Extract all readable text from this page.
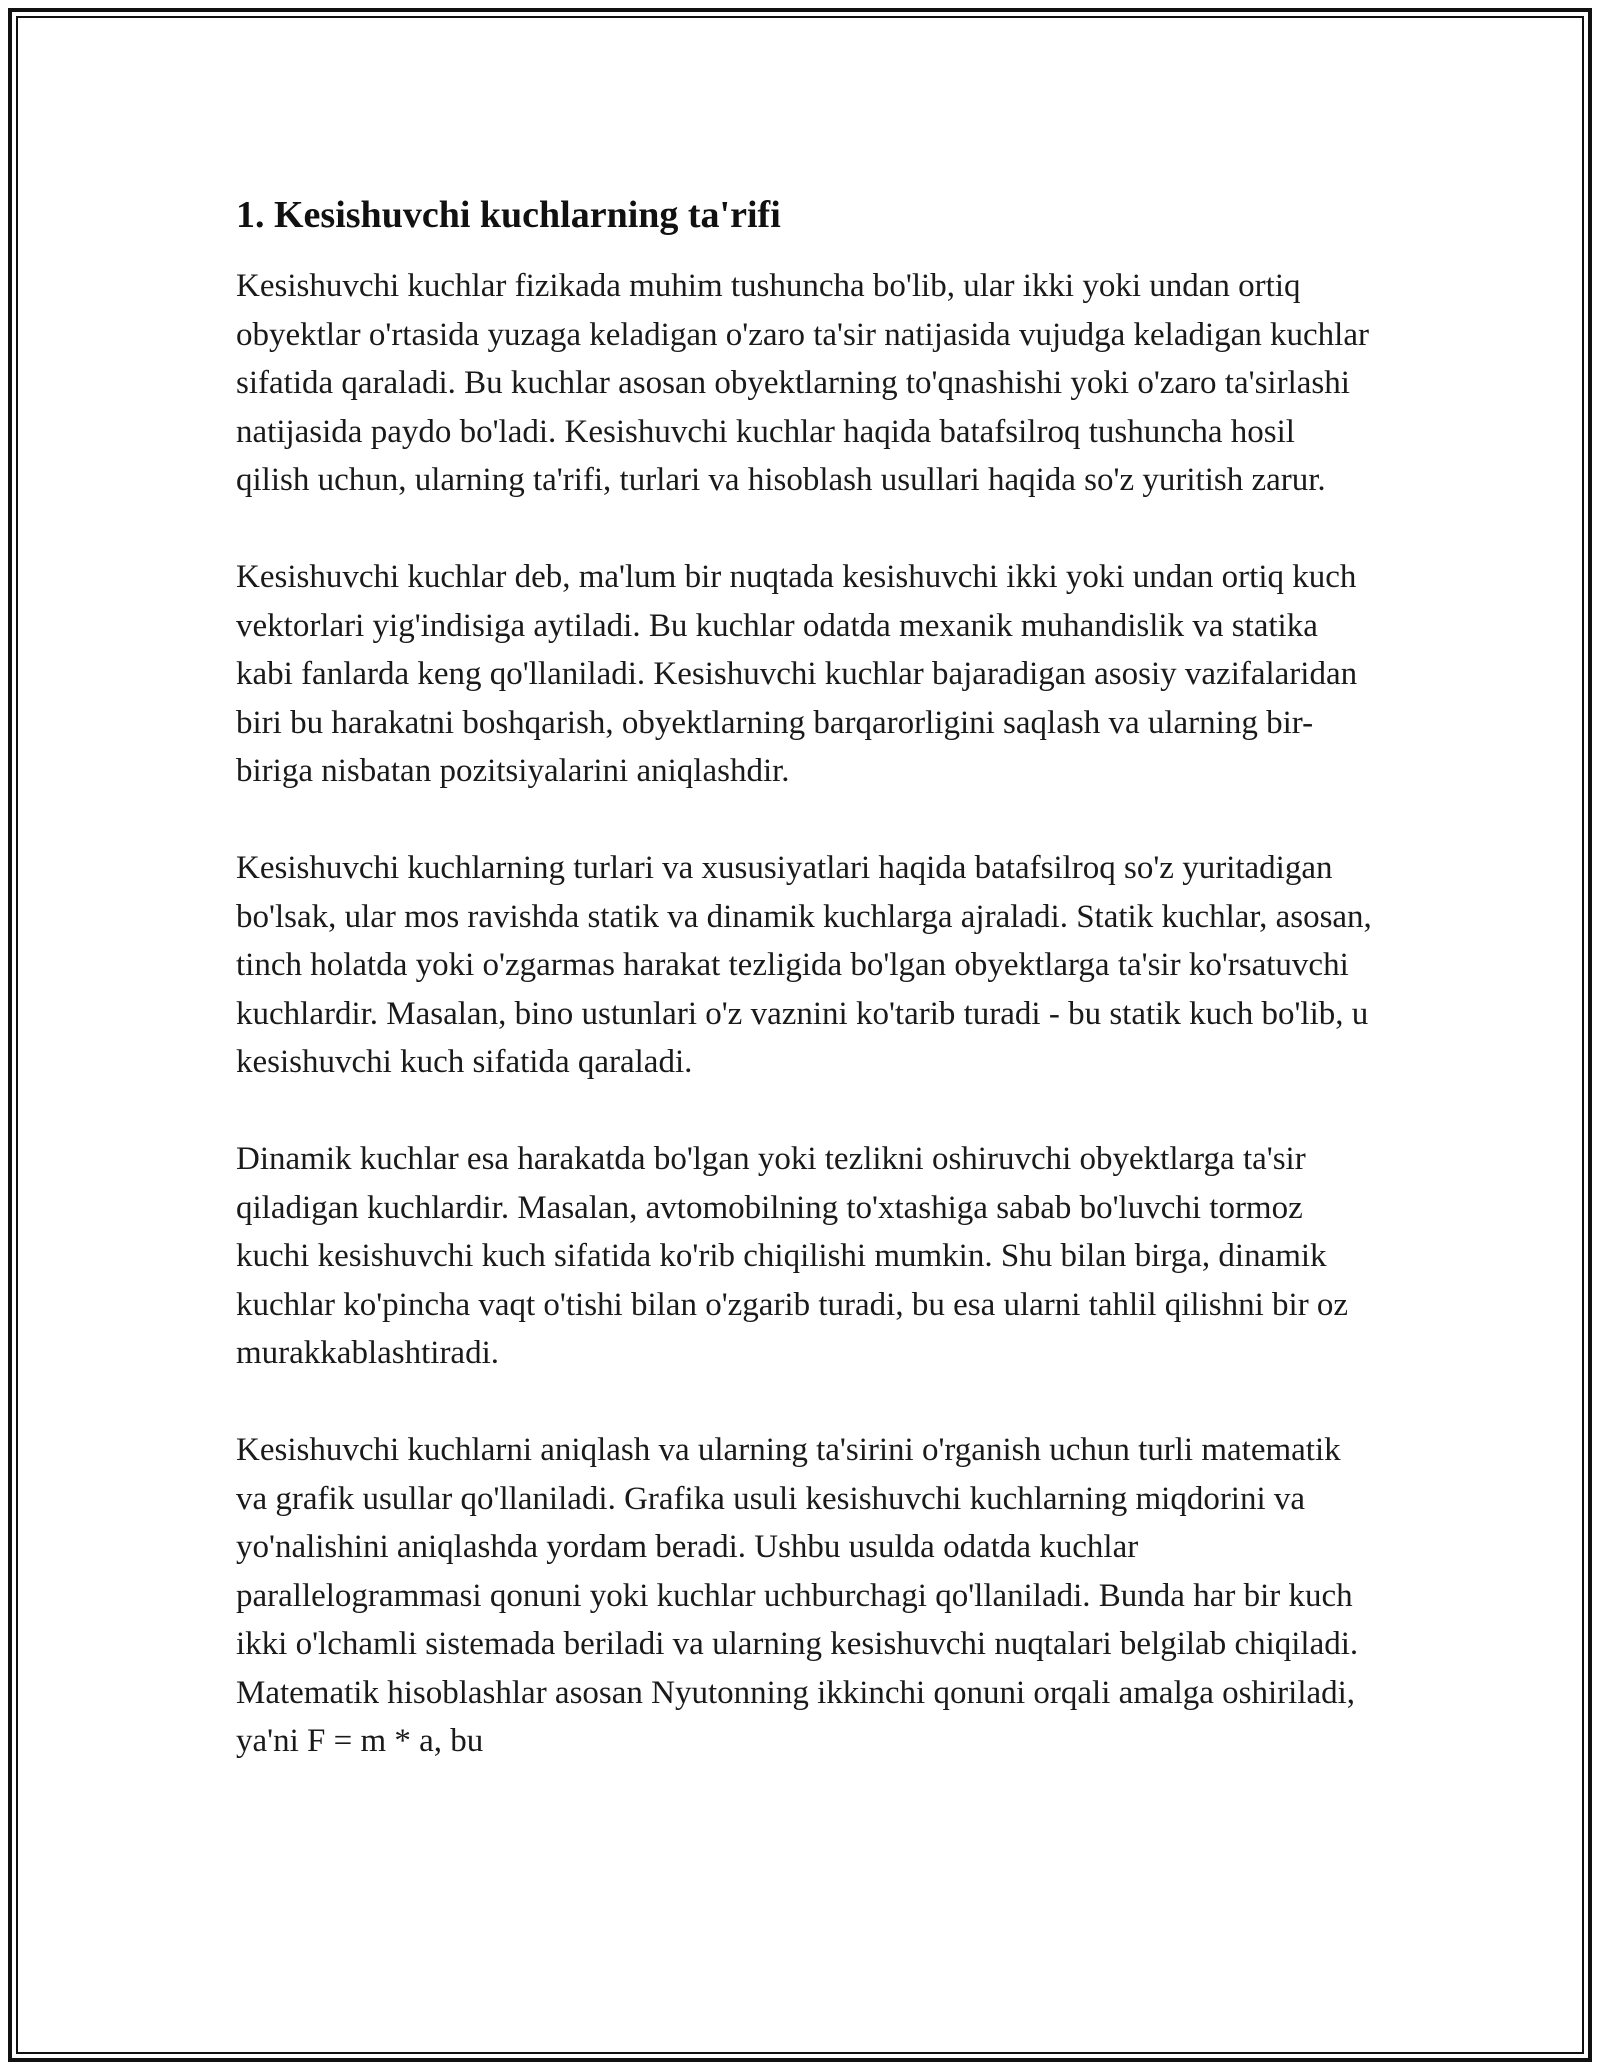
1. Kesishuvchi kuchlarning ta'rifi

Kesishuvchi kuchlar fizikada muhim tushuncha bo'lib, ular ikki yoki undan ortiq obyektlar o'rtasida yuzaga keladigan o'zaro ta'sir natijasida vujudga keladigan kuchlar sifatida qaraladi. Bu kuchlar asosan obyektlarning to'qnashishi yoki o'zaro ta'sirlashi natijasida paydo bo'ladi. Kesishuvchi kuchlar haqida batafsilroq tushuncha hosil qilish uchun, ularning ta'rifi, turlari va hisoblash usullari haqida so'z yuritish zarur.

Kesishuvchi kuchlar deb, ma'lum bir nuqtada kesishuvchi ikki yoki undan ortiq kuch vektorlari yig'indisiga aytiladi. Bu kuchlar odatda mexanik muhandislik va statika kabi fanlarda keng qo'llaniladi. Kesishuvchi kuchlar bajaradigan asosiy vazifalaridan biri bu harakatni boshqarish, obyektlarning barqarorligini saqlash va ularning bir-biriga nisbatan pozitsiyalarini aniqlashdir.

Kesishuvchi kuchlarning turlari va xususiyatlari haqida batafsilroq so'z yuritadigan bo'lsak, ular mos ravishda statik va dinamik kuchlarga ajraladi. Statik kuchlar, asosan, tinch holatda yoki o'zgarmas harakat tezligida bo'lgan obyektlarga ta'sir ko'rsatuvchi kuchlardir. Masalan, bino ustunlari o'z vaznini ko'tarib turadi - bu statik kuch bo'lib, u kesishuvchi kuch sifatida qaraladi.

Dinamik kuchlar esa harakatda bo'lgan yoki tezlikni oshiruvchi obyektlarga ta'sir qiladigan kuchlardir. Masalan, avtomobilning to'xtashiga sabab bo'luvchi tormoz kuchi kesishuvchi kuch sifatida ko'rib chiqilishi mumkin. Shu bilan birga, dinamik kuchlar ko'pincha vaqt o'tishi bilan o'zgarib turadi, bu esa ularni tahlil qilishni bir oz murakkablashtiradi.

Kesishuvchi kuchlarni aniqlash va ularning ta'sirini o'rganish uchun turli matematik va grafik usullar qo'llaniladi. Grafika usuli kesishuvchi kuchlarning miqdorini va yo'nalishini aniqlashda yordam beradi. Ushbu usulda odatda kuchlar parallelogrammasi qonuni yoki kuchlar uchburchagi qo'llaniladi. Bunda har bir kuch ikki o'lchamli sistemada beriladi va ularning kesishuvchi nuqtalari belgilab chiqiladi. Matematik hisoblashlar asosan Nyutonning ikkinchi qonuni orqali amalga oshiriladi, ya'ni F = m * a, bu
